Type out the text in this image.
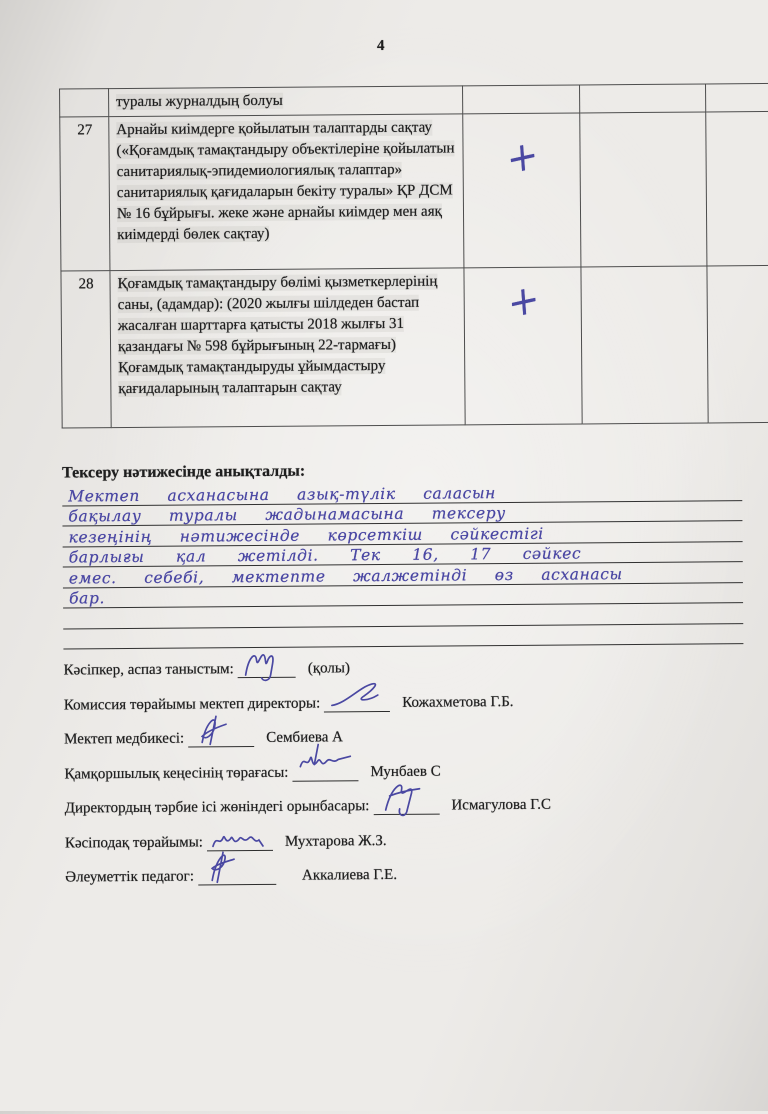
4
	туралы журналдың болуы			
27	Арнайы киімдерге қойылатын талаптарды сақтау («Қоғамдық тамақтандыру объектілеріне қойылатын санитариялық-эпидемиологиялық талаптар» санитариялық қағидаларын бекіту туралы» ҚР ДСМ № 16 бұйрығы. жеке және арнайы киімдер мен аяқ киімдерді бөлек сақтау)	+		
28	Қоғамдық тамақтандыру бөлімі қызметкерлерінің саны, (адамдар): (2020 жылғы шілдеден бастап жасалған шарттарға қатысты 2018 жылғы 31 қазандағы № 598 бұйрығының 22-тармағы) Қоғамдық тамақтандыруды ұйымдастыру қағидаларының талаптарын сақтау	+		
Тексеру нәтижесінде анықталды:
Мектеп асханасына азық-түлік саласын
бақылау туралы жадынамасына тексеру
кезеңінің нәтижесінде көрсеткіш сәйкестігі
барлығы қал жетілді. Тек 16, 17 сәйкес
емес. себебі, мектепте жалжетінді өз асханасы
бар.
Кәсіпкер, аспаз таныстым:	(қолы)
Комиссия төрайымы мектеп директоры:	Кожахметова Г.Б.
Мектеп медбикесі:	Сембиева А
Қамқоршылық кеңесінің төрағасы:	Мунбаев С
Директордың тәрбие ісі жөніндегі орынбасары:	Исмагулова Г.С
Кәсіподақ төрайымы:	Мухтарова Ж.З.
Әлеуметтік педагог:	Аккалиева Г.Е.
